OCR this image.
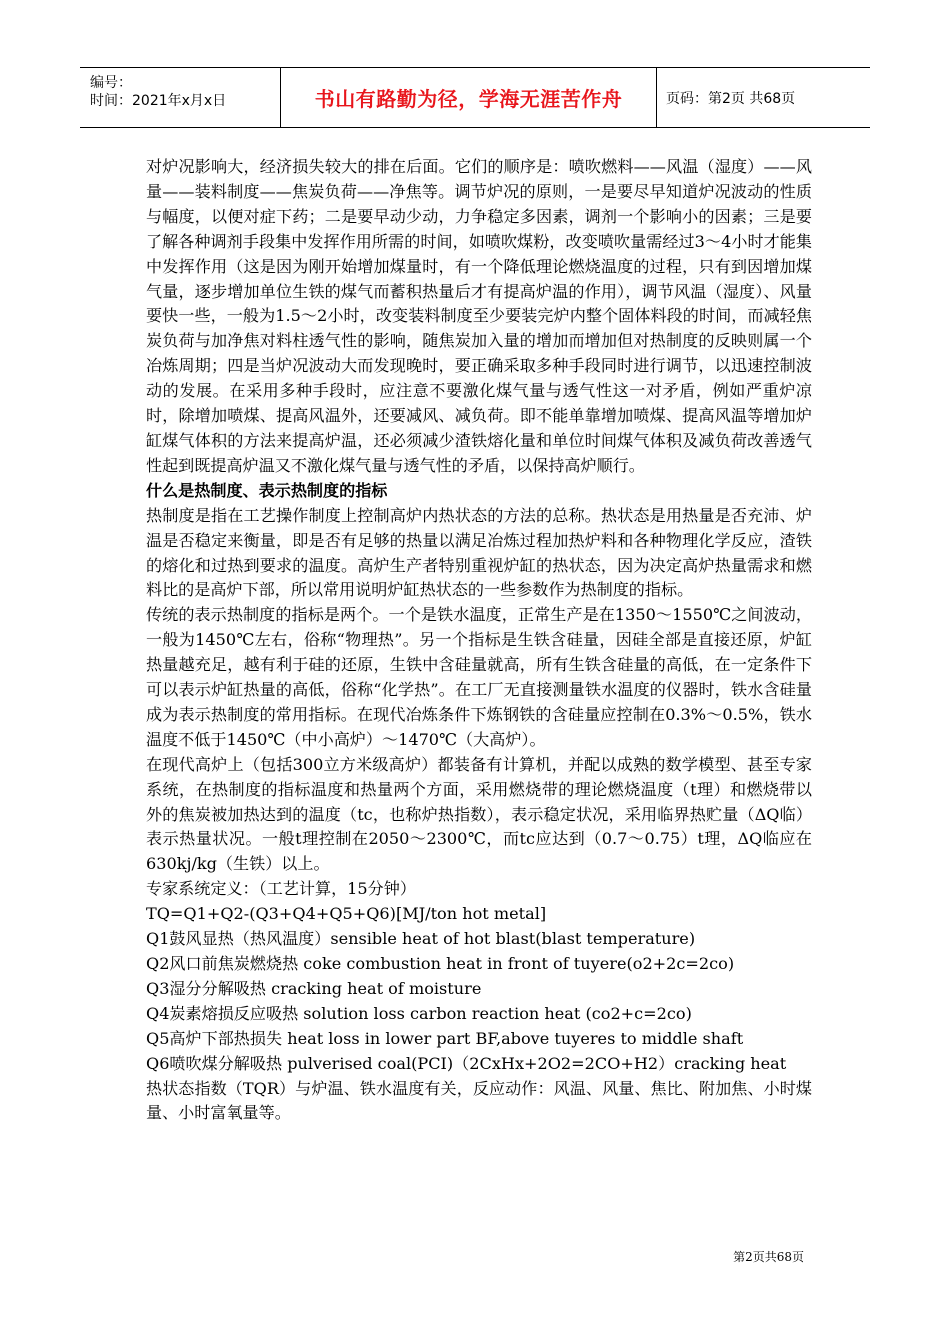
编号：
时间：2021年x月x日	书山有路勤为径，学海无涯苦作舟	页码：第2页 共68页

对炉况影响大，经济损失较大的排在后面。它们的顺序是：喷吹燃料——风温（湿度）——风量——装料制度——焦炭负荷——净焦等。调节炉况的原则，一是要尽早知道炉况波动的性质与幅度，以便对症下药；二是要早动少动，力争稳定多因素，调剂一个影响小的因素；三是要了解各种调剂手段集中发挥作用所需的时间，如喷吹煤粉，改变喷吹量需经过3～4小时才能集中发挥作用（这是因为刚开始增加煤量时，有一个降低理论燃烧温度的过程，只有到因增加煤气量，逐步增加单位生铁的煤气而蓄积热量后才有提高炉温的作用），调节风温（湿度）、风量要快一些，一般为1.5～2小时，改变装料制度至少要装完炉内整个固体料段的时间，而减轻焦炭负荷与加净焦对料柱透气性的影响，随焦炭加入量的增加而增加但对热制度的反映则属一个冶炼周期；四是当炉况波动大而发现晚时，要正确采取多种手段同时进行调节，以迅速控制波动的发展。在采用多种手段时，应注意不要激化煤气量与透气性这一对矛盾，例如严重炉凉时，除增加喷煤、提高风温外，还要减风、减负荷。即不能单靠增加喷煤、提高风温等增加炉缸煤气体积的方法来提高炉温，还必须减少渣铁熔化量和单位时间煤气体积及减负荷改善透气性起到既提高炉温又不激化煤气量与透气性的矛盾，以保持高炉顺行。

什么是热制度、表示热制度的指标

热制度是指在工艺操作制度上控制高炉内热状态的方法的总称。热状态是用热量是否充沛、炉温是否稳定来衡量，即是否有足够的热量以满足冶炼过程加热炉料和各种物理化学反应，渣铁的熔化和过热到要求的温度。高炉生产者特别重视炉缸的热状态，因为决定高炉热量需求和燃料比的是高炉下部，所以常用说明炉缸热状态的一些参数作为热制度的指标。

传统的表示热制度的指标是两个。一个是铁水温度，正常生产是在1350～1550℃之间波动，一般为1450℃左右，俗称“物理热”。另一个指标是生铁含硅量，因硅全部是直接还原，炉缸热量越充足，越有利于硅的还原，生铁中含硅量就高，所有生铁含硅量的高低，在一定条件下可以表示炉缸热量的高低，俗称“化学热”。在工厂无直接测量铁水温度的仪器时，铁水含硅量成为表示热制度的常用指标。在现代冶炼条件下炼钢铁的含硅量应控制在0.3%～0.5%，铁水温度不低于1450℃（中小高炉）～1470℃（大高炉）。

在现代高炉上（包括300立方米级高炉）都装备有计算机，并配以成熟的数学模型、甚至专家系统，在热制度的指标温度和热量两个方面，采用燃烧带的理论燃烧温度（t理）和燃烧带以外的焦炭被加热达到的温度（tc，也称炉热指数），表示稳定状况，采用临界热贮量（ΔQ临）表示热量状况。一般t理控制在2050～2300℃，而tc应达到（0.7～0.75）t理，ΔQ临应在630kj/kg（生铁）以上。

专家系统定义：（工艺计算，15分钟）

TQ=Q1+Q2-(Q3+Q4+Q5+Q6)[MJ/ton hot metal]

Q1鼓风显热（热风温度）sensible heat of hot blast(blast temperature)

Q2风口前焦炭燃烧热 coke combustion heat in front of tuyere(o2+2c=2co)

Q3湿分分解吸热 cracking heat of moisture

Q4炭素熔损反应吸热 solution loss carbon reaction heat (co2+c=2co)

Q5高炉下部热损失 heat loss in lower part BF,above tuyeres to middle shaft

Q6喷吹煤分解吸热 pulverised coal(PCI)（2CxHx+2O2=2CO+H2）cracking heat

热状态指数（TQR）与炉温、铁水温度有关，反应动作：风温、风量、焦比、附加焦、小时煤量、小时富氧量等。

第2页共68页
